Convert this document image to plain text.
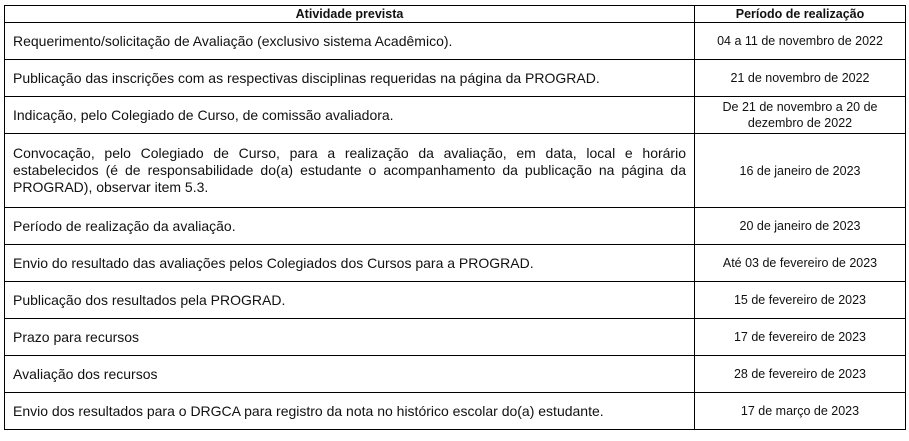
Atividade prevista	Período de realização
Requerimento/solicitação de Avaliação (exclusivo sistema Acadêmico).	04 a 11 de novembro de 2022
Publicação das inscrições com as respectivas disciplinas requeridas na página da PROGRAD.	21 de novembro de 2022
Indicação, pelo Colegiado de Curso, de comissão avaliadora.	De 21 de novembro a 20 de dezembro de 2022
Convocação, pelo Colegiado de Curso, para a realização da avaliação, em data, local e horário estabelecidos (é de responsabilidade do(a) estudante o acompanhamento da publicação na página da PROGRAD), observar item 5.3.	16 de janeiro de 2023
Período de realização da avaliação.	20 de janeiro de 2023
Envio do resultado das avaliações pelos Colegiados dos Cursos para a PROGRAD.	Até 03 de fevereiro de 2023
Publicação dos resultados pela PROGRAD.	15 de fevereiro de 2023
Prazo para recursos	17 de fevereiro de 2023
Avaliação dos recursos	28 de fevereiro de 2023
Envio dos resultados para o DRGCA para registro da nota no histórico escolar do(a) estudante.	17 de março de 2023
